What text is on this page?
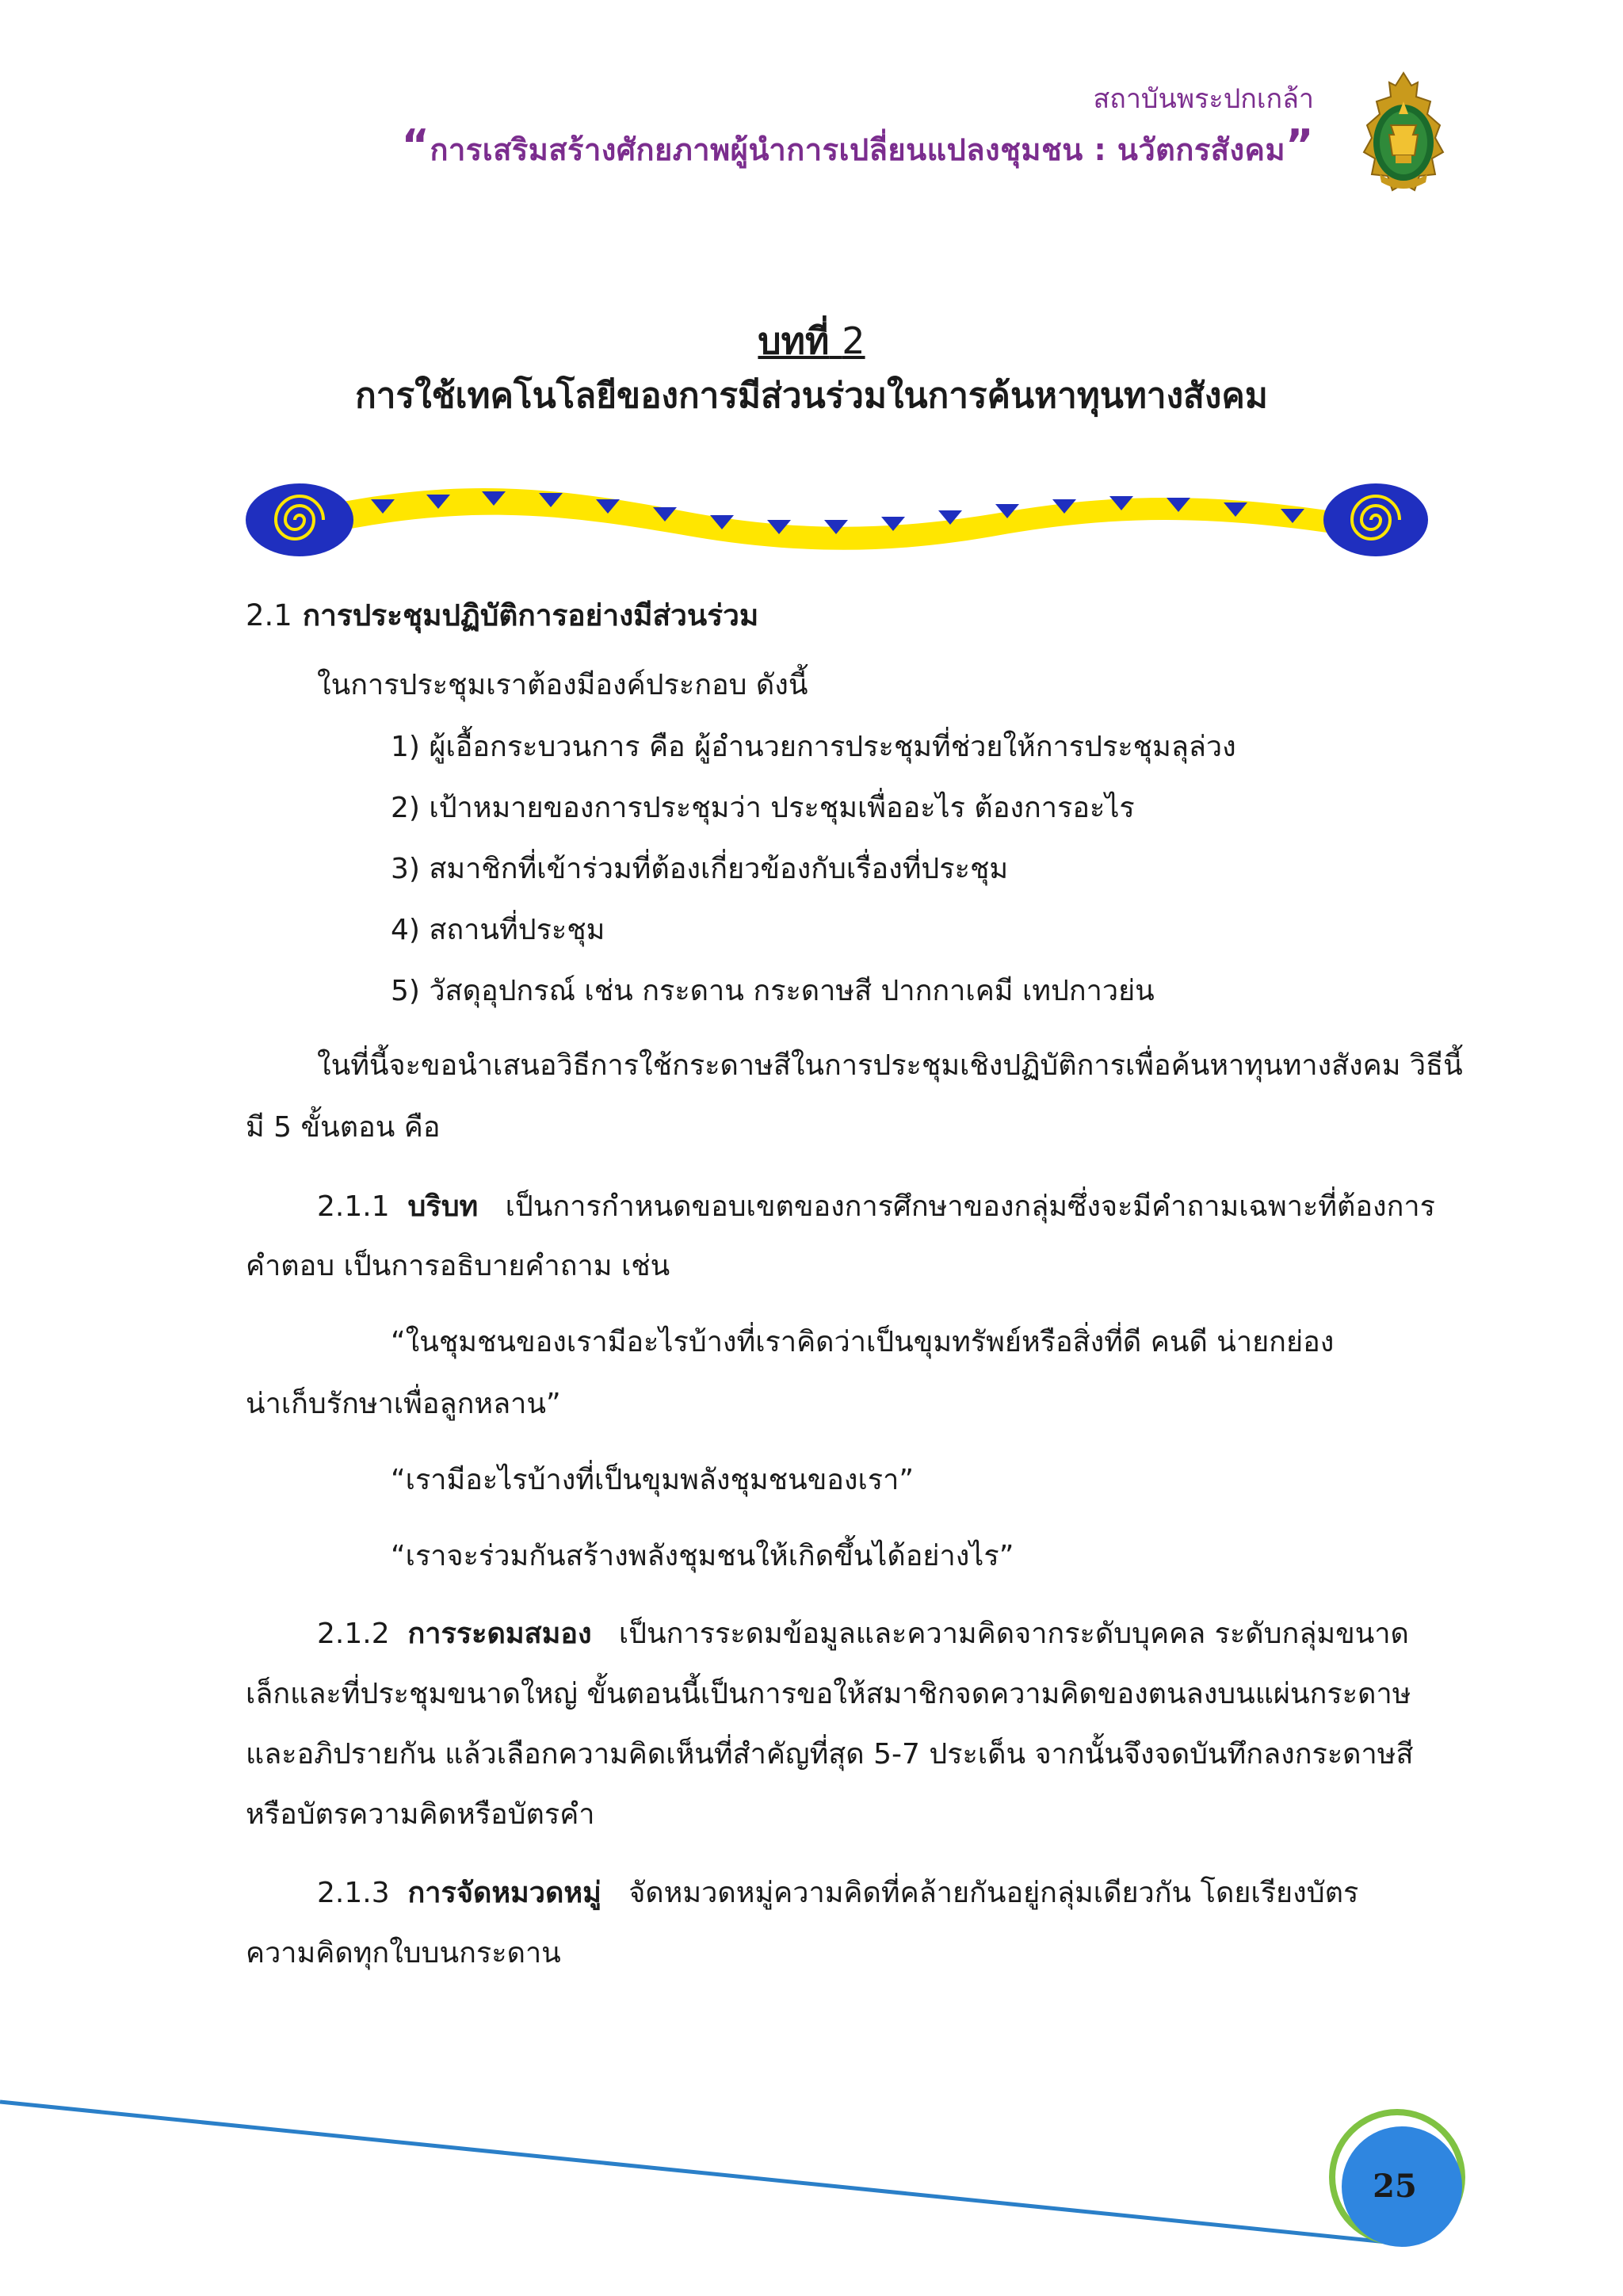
สถาบันพระปกเกล้า
“การเสริมสร้างศักยภาพผู้นำการเปลี่ยนแปลงชุมชน : นวัตกรสังคม”
บทที่ 2
การใช้เทคโนโลยีของการมีส่วนร่วมในการค้นหาทุนทางสังคม
2.1 การประชุมปฏิบัติการอย่างมีส่วนร่วม
ในการประชุมเราต้องมีองค์ประกอบ ดังนี้
1) ผู้เอื้อกระบวนการ คือ ผู้อำนวยการประชุมที่ช่วยให้การประชุมลุล่วง
2) เป้าหมายของการประชุมว่า ประชุมเพื่ออะไร ต้องการอะไร
3) สมาชิกที่เข้าร่วมที่ต้องเกี่ยวข้องกับเรื่องที่ประชุม
4) สถานที่ประชุม
5) วัสดุอุปกรณ์ เช่น กระดาน กระดาษสี ปากกาเคมี เทปกาวย่น
ในที่นี้จะขอนำเสนอวิธีการใช้กระดาษสีในการประชุมเชิงปฏิบัติการเพื่อค้นหาทุนทางสังคม วิธีนี้
มี 5 ขั้นตอน คือ
2.1.1 บริบท เป็นการกำหนดขอบเขตของการศึกษาของกลุ่มซึ่งจะมีคำถามเฉพาะที่ต้องการ
คำตอบ เป็นการอธิบายคำถาม เช่น
“ในชุมชนของเรามีอะไรบ้างที่เราคิดว่าเป็นขุมทรัพย์หรือสิ่งที่ดี คนดี น่ายกย่อง
น่าเก็บรักษาเพื่อลูกหลาน”
“เรามีอะไรบ้างที่เป็นขุมพลังชุมชนของเรา”
“เราจะร่วมกันสร้างพลังชุมชนให้เกิดขึ้นได้อย่างไร”
2.1.2 การระดมสมอง เป็นการระดมข้อมูลและความคิดจากระดับบุคคล ระดับกลุ่มขนาด
เล็กและที่ประชุมขนาดใหญ่ ขั้นตอนนี้เป็นการขอให้สมาชิกจดความคิดของตนลงบนแผ่นกระดาษ
และอภิปรายกัน แล้วเลือกความคิดเห็นที่สำคัญที่สุด 5-7 ประเด็น จากนั้นจึงจดบันทึกลงกระดาษสี
หรือบัตรความคิดหรือบัตรคำ
2.1.3 การจัดหมวดหมู่ จัดหมวดหมู่ความคิดที่คล้ายกันอยู่กลุ่มเดียวกัน โดยเรียงบัตร
ความคิดทุกใบบนกระดาน
25
